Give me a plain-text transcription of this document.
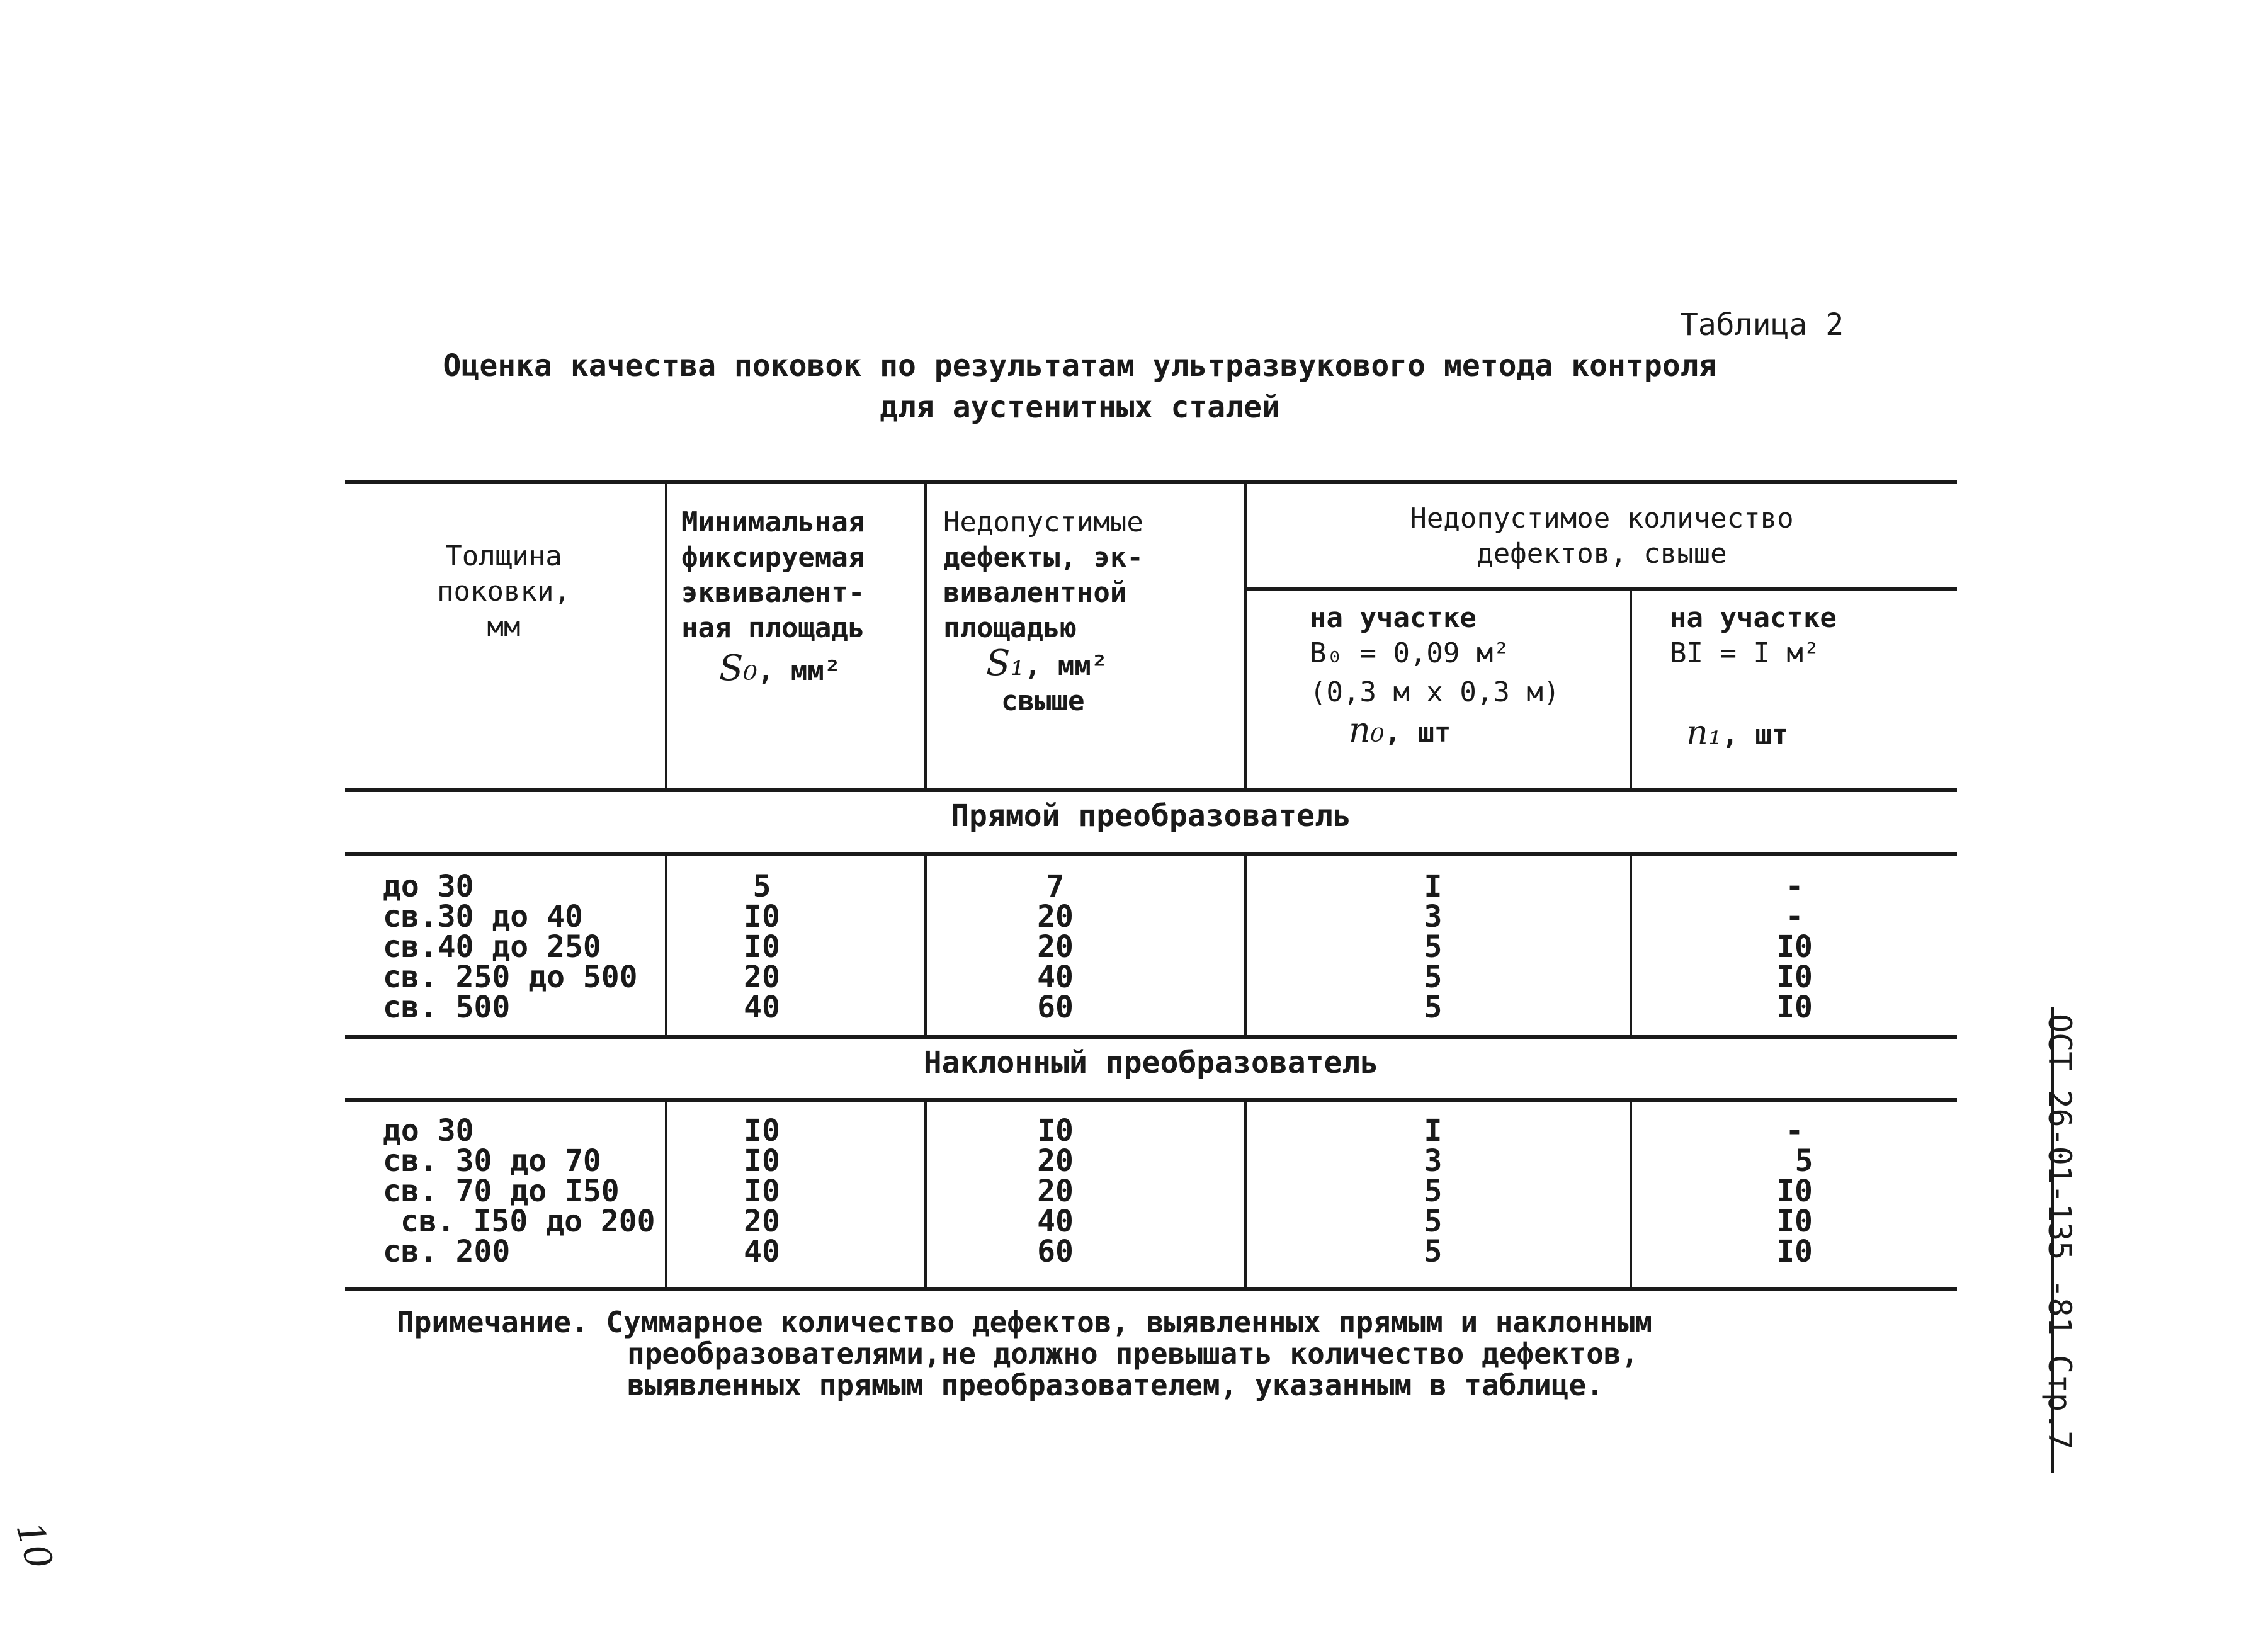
Таблица 2
Оценка качества поковок по результатам ультразвукового метода контроля
для аустенитных сталей
Толщина
поковки,
мм
Минимальная
фиксируемая
эквивалент-
ная площадь
S₀, мм²
Недопустимые
дефекты, эк-
вивалентной
площадью
S₁, мм²
свыше
Недопустимое количество
дефектов, свыше
на участке
B₀ = 0,09 м²
(0,3 м x 0,3 м)
n₀, шт
на участке
BI = I м²
n₁, шт
Прямой преобразователь
до 30
св.30 до 40
св.40 до 250
св. 250 до 500
св. 500
5
I0
I0
20
40
7
20
20
40
60
I
3
5
5
5
-
-
I0
I0
I0
Наклонный преобразователь
до 30
св. 30 до 70
св. 70 до I50
св. I50 до 200
св. 200
I0
I0
I0
20
40
I0
20
20
40
60
I
3
5
5
5
-
5
I0
I0
I0
Примечание. Суммарное количество дефектов, выявленных прямым и наклонным
преобразователями,не должно превышать количество дефектов,
выявленных прямым преобразователем, указанным в таблице.	ОСТ 26-01-135 -81 Стр.7
10
